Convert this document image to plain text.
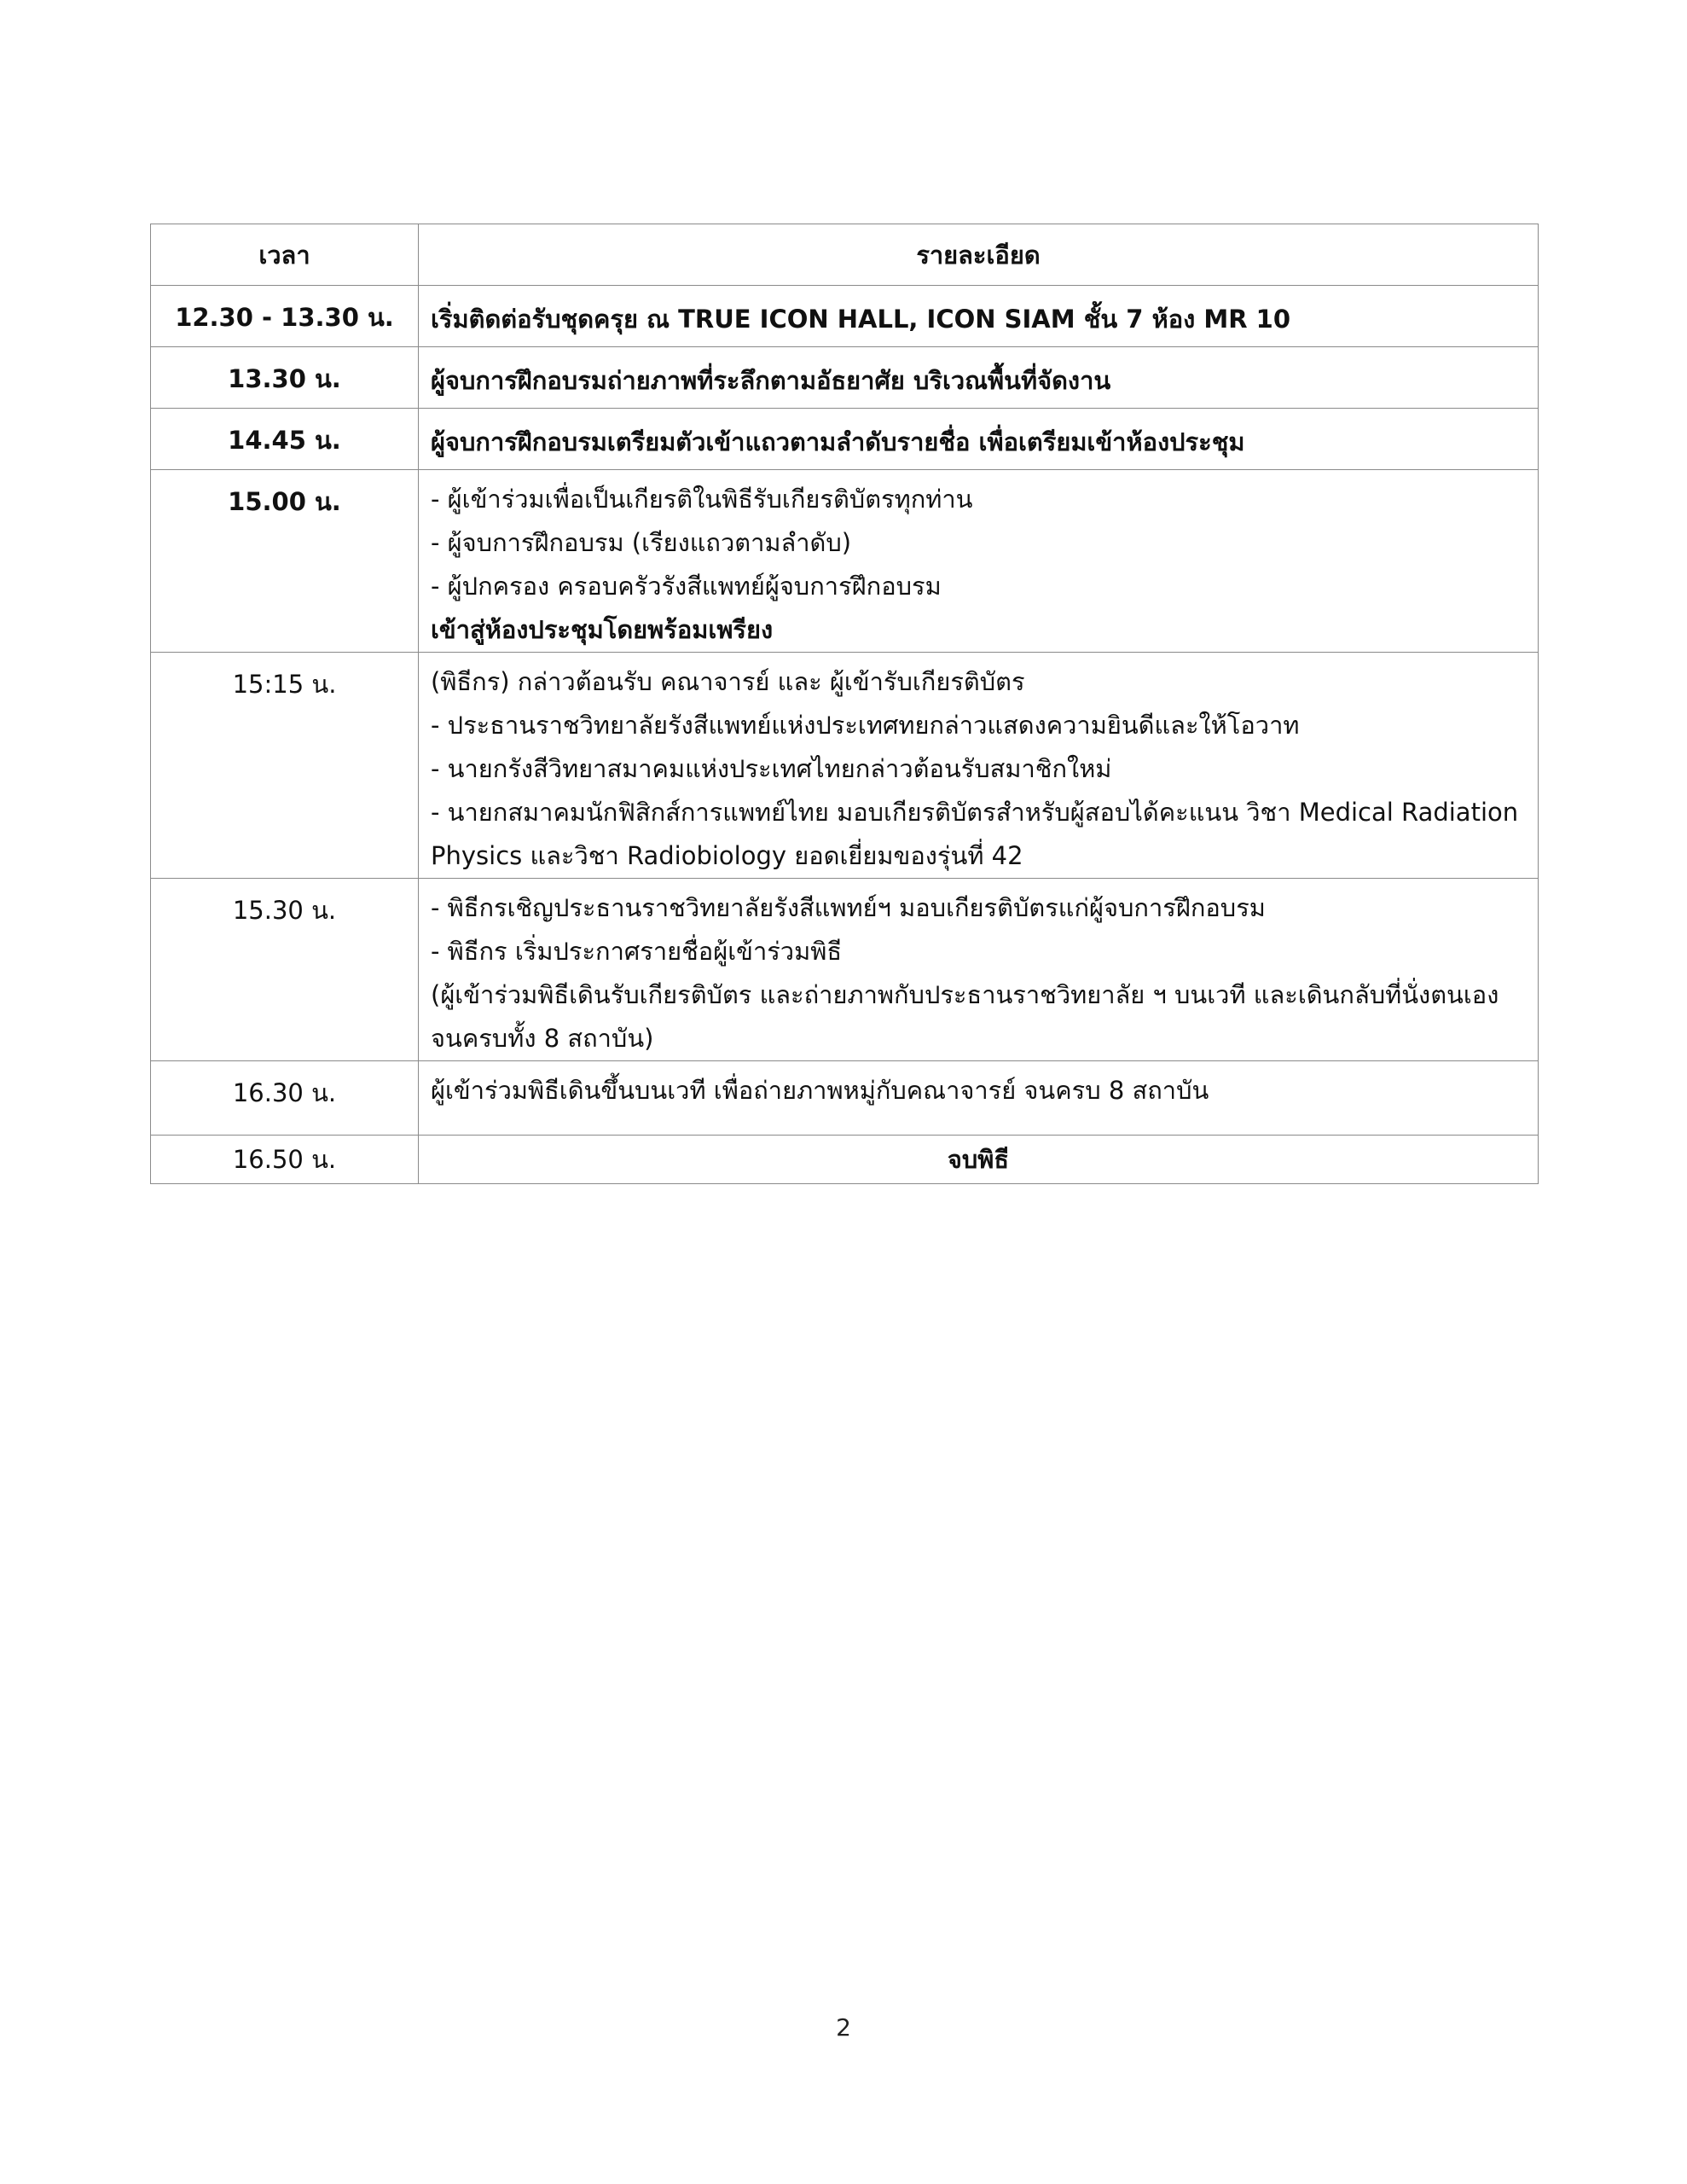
เวลา	รายละเอียด
12.30 - 13.30 น.	เริ่มติดต่อรับชุดครุย ณ TRUE ICON HALL, ICON SIAM ชั้น 7 ห้อง MR 10

13.30 น.	ผู้จบการฝึกอบรมถ่ายภาพที่ระลึกตามอัธยาศัย บริเวณพื้นที่จัดงาน

14.45 น.	ผู้จบการฝึกอบรมเตรียมตัวเข้าแถวตามลำดับรายชื่อ เพื่อเตรียมเข้าห้องประชุม

15.00 น.	- ผู้เข้าร่วมเพื่อเป็นเกียรติในพิธีรับเกียรติบัตรทุกท่าน
- ผู้จบการฝึกอบรม (เรียงแถวตามลำดับ)
- ผู้ปกครอง ครอบครัวรังสีแพทย์ผู้จบการฝึกอบรม
เข้าสู่ห้องประชุมโดยพร้อมเพรียง

15:15 น.	(พิธีกร) กล่าวต้อนรับ คณาจารย์ และ ผู้เข้ารับเกียรติบัตร
- ประธานราชวิทยาลัยรังสีแพทย์แห่งประเทศทยกล่าวแสดงความยินดีและให้โอวาท
- นายกรังสีวิทยาสมาคมแห่งประเทศไทยกล่าวต้อนรับสมาชิกใหม่
- นายกสมาคมนักฟิสิกส์การแพทย์ไทย มอบเกียรติบัตรสำหรับผู้สอบได้คะแนน วิชา Medical Radiation Physics และวิชา Radiobiology ยอดเยี่ยมของรุ่นที่ 42

15.30 น.	- พิธีกรเชิญประธานราชวิทยาลัยรังสีแพทย์ฯ มอบเกียรติบัตรแก่ผู้จบการฝึกอบรม
- พิธีกร เริ่มประกาศรายชื่อผู้เข้าร่วมพิธี
(ผู้เข้าร่วมพิธีเดินรับเกียรติบัตร และถ่ายภาพกับประธานราชวิทยาลัย ฯ บนเวที และเดินกลับที่นั่งตนเองจนครบทั้ง 8 สถาบัน)

16.30 น.	ผู้เข้าร่วมพิธีเดินขึ้นบนเวที เพื่อถ่ายภาพหมู่กับคณาจารย์ จนครบ 8 สถาบัน

16.50 น.	จบพิธี
2
